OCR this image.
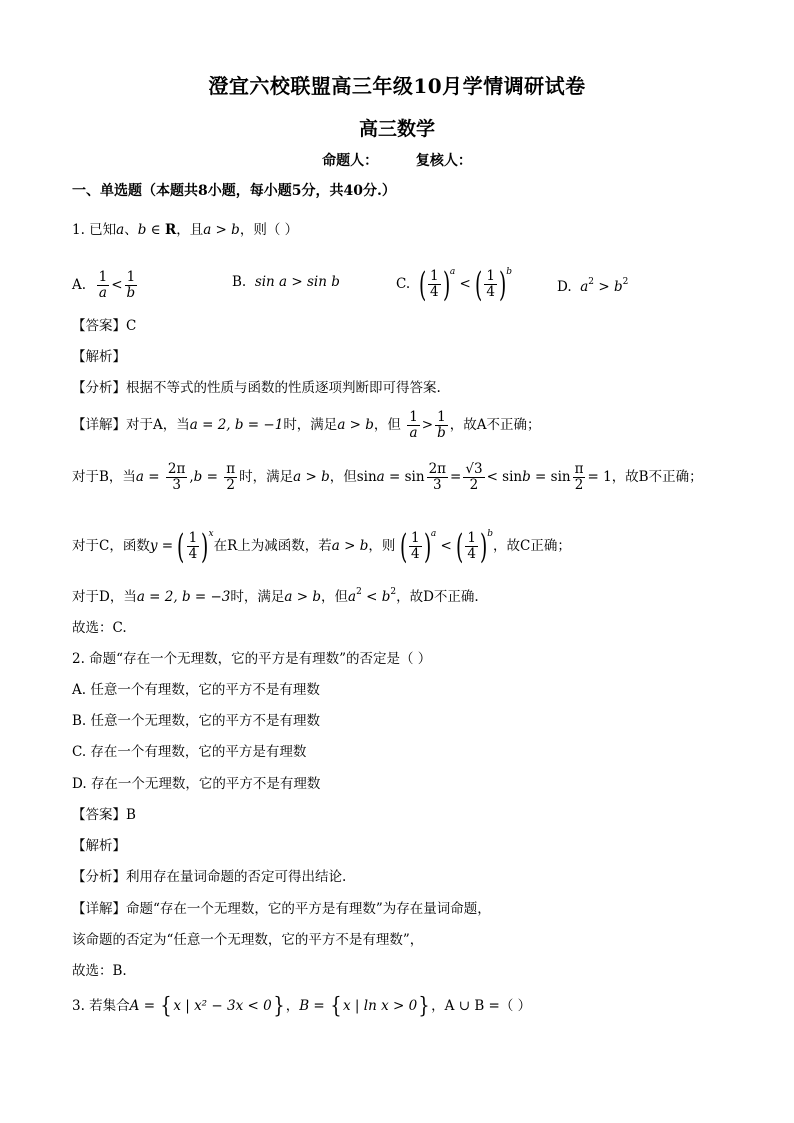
澄宜六校联盟高三年级10月学情调研试卷
高三数学
命题人：	复核人：
一、单选题（本题共8小题，每小题5分，共40分.）
1. 已知a、b ∈ R，且a > b，则（ ）
A. $\frac{1}{a} < \frac{1}{b}$	B. sin a > sin b	C. ( $\frac{1}{4} )^a$ < ( $\frac{1}{4} )^b$
D. $a^2 > b^2$
【答案】C
【解析】
【分析】根据不等式的性质与函数的性质逐项判断即可得答案.
【详解】对于A，当a = 2, b = −1时，满足a > b，但 $\frac{1}{a} > \frac{1}{b}$ ，故A不正确；
对于B，当$a = \frac{2\pi}{3} ,b = \frac{\pi}{2}$ 时，满足a > b，但$\sin a = \sin \frac{2\pi}{3} = \frac{√3}{2} < \sin b = \sin \frac{\pi}{2} = 1$，故B不正确；
对于C，函数y = ( $\frac{1}{4} )^x$在R上为减函数，若a > b，则 ( $\frac{1}{4} )^a$ < ( $\frac{1}{4} )^b$，故C正确；
对于D，当a = 2, b = −3时，满足a > b，但$a^2 < b^2$，故D不正确.
故选：C.
2. 命题“存在一个无理数，它的平方是有理数”的否定是（ ）
A. 任意一个有理数，它的平方不是有理数
B. 任意一个无理数，它的平方不是有理数
C. 存在一个有理数，它的平方是有理数
D. 存在一个无理数，它的平方不是有理数
【答案】B
【解析】
【分析】利用存在量词命题的否定可得出结论.
【详解】命题“存在一个无理数，它的平方是有理数”为存在量词命题，
该命题的否定为“任意一个无理数，它的平方不是有理数”，
故选：B.
3. 若集合A = {x | x² − 3x < 0}，B = {x | ln x > 0}，A ∪ B =（ ）
